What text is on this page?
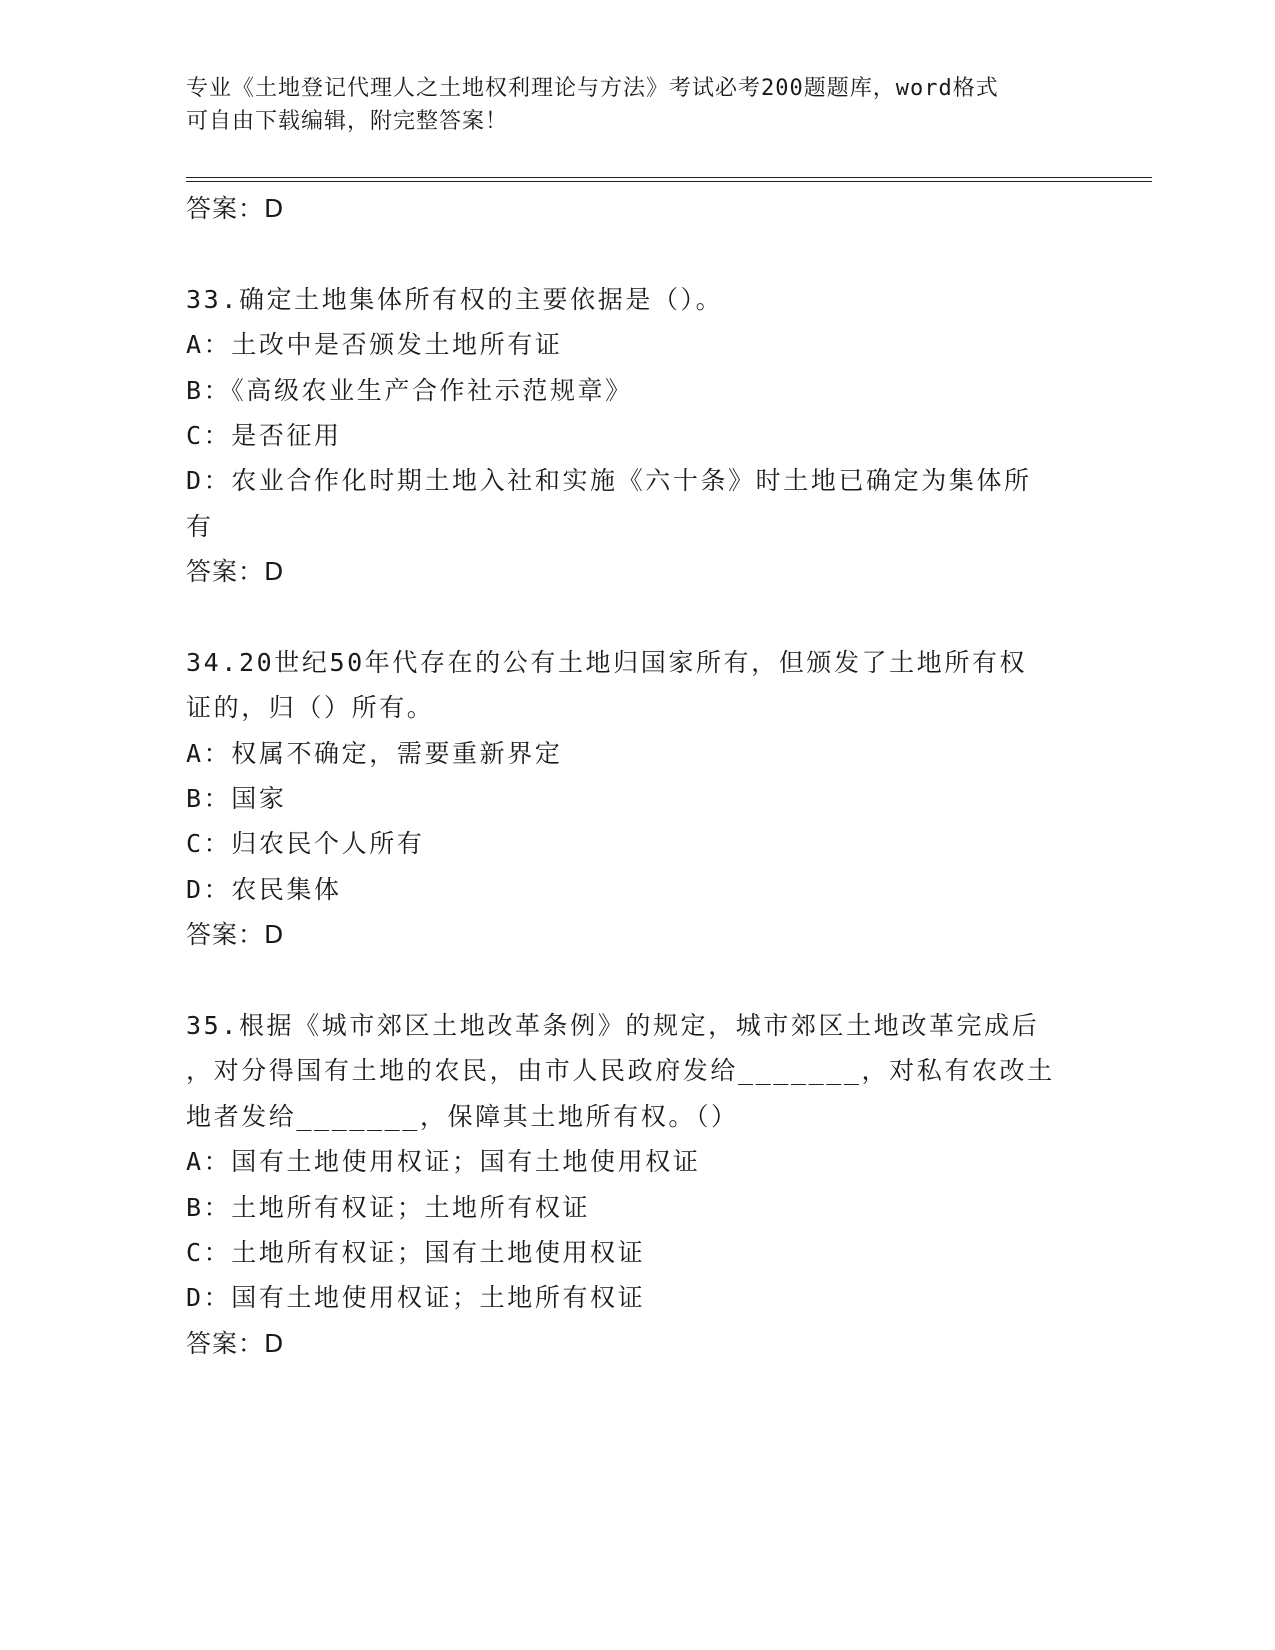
专业《土地登记代理人之土地权利理论与方法》考试必考200题题库，word格式
可自由下载编辑，附完整答案！
答案：D
33.确定土地集体所有权的主要依据是（）。
A：土改中是否颁发土地所有证
B：《高级农业生产合作社示范规章》
C：是否征用
D：农业合作化时期土地入社和实施《六十条》时土地已确定为集体所
有
答案：D
34.20世纪50年代存在的公有土地归国家所有，但颁发了土地所有权
证的，归（）所有。
A：权属不确定，需要重新界定
B：国家
C：归农民个人所有
D：农民集体
答案：D
35.根据《城市郊区土地改革条例》的规定，城市郊区土地改革完成后
，对分得国有土地的农民，由市人民政府发给_______，对私有农改土
地者发给_______，保障其土地所有权。（）
A：国有土地使用权证；国有土地使用权证
B：土地所有权证；土地所有权证
C：土地所有权证；国有土地使用权证
D：国有土地使用权证；土地所有权证
答案：D
